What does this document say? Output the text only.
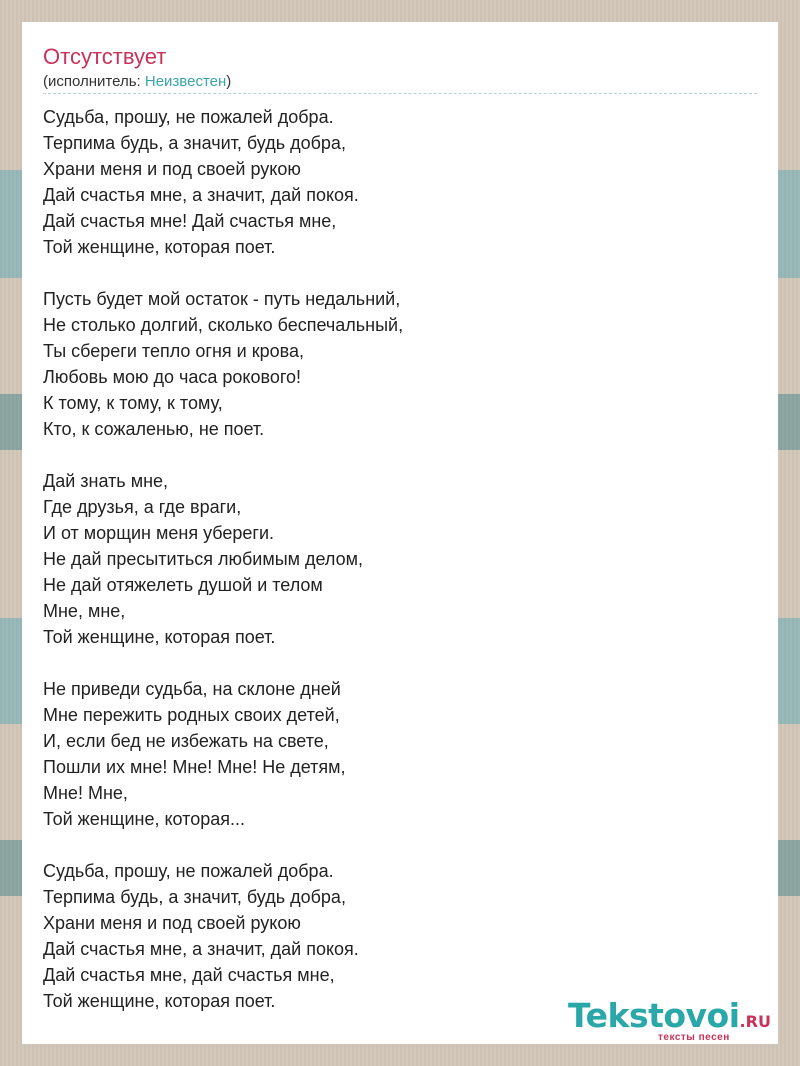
Отсутствует
(исполнитель: Неизвестен)
Судьба, прошу, не пожалей добра.
Терпима будь, а значит, будь добра,
Храни меня и под своей рукою
Дай счастья мне, а значит, дай покоя.
Дай счастья мне! Дай счастья мне,
Той женщине, которая поет.
Пусть будет мой остаток - путь недальний,
Не столько долгий, сколько беспечальный,
Ты сбереги тепло огня и крова,
Любовь мою до часа рокового!
К тому, к тому, к тому,
Кто, к сожаленью, не поет.
Дай знать мне,
Где друзья, а где враги,
И от морщин меня убереги.
Не дай пресытиться любимым делом,
Не дай отяжелеть душой и телом
Мне, мне,
Той женщине, которая поет.
Не приведи судьба, на склоне дней
Мне пережить родных своих детей,
И, если бед не избежать на свете,
Пошли их мне! Мне! Мне! Не детям,
Мне! Мне,
Той женщине, которая...
Судьба, прошу, не пожалей добра.
Терпима будь, а значит, будь добра,
Храни меня и под своей рукою
Дай счастья мне, а значит, дай покоя.
Дай счастья мне, дай счастья мне,
Той женщине, которая поет.	Tekstovoi.RU
тексты песен
